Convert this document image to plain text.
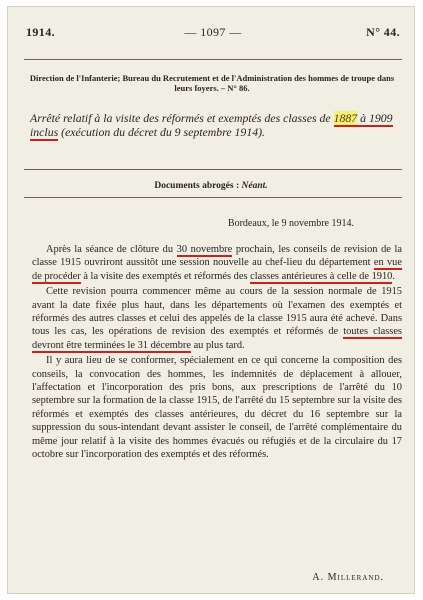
1914.	— 1097 —	N° 44.
Direction de l'Infanterie; Bureau du Recrutement et de l'Administration des hommes de troupe dans leurs foyers. – N° 86.
Arrêté relatif à la visite des réformés et exemptés des classes de 1887 à 1909 inclus (exécution du décret du 9 septembre 1914).
Documents abrogés : Néant.
Bordeaux, le 9 novembre 1914.

Après la séance de clôture du 30 novembre prochain, les conseils de revision de la classe 1915 ouvriront aussitôt une session nouvelle au chef-lieu du département en vue de procéder à la visite des exemptés et réformés des classes antérieures à celle de 1910.

Cette revision pourra commencer même au cours de la session normale de 1915 avant la date fixée plus haut, dans les départements où l'examen des exemptés et réformés des autres classes et celui des appelés de la classe 1915 aura été achevé. Dans tous les cas, les opérations de revision des exemptés et réformés de toutes classes devront être terminées le 31 décembre au plus tard.

Il y aura lieu de se conformer, spécialement en ce qui concerne la composition des conseils, la convocation des hommes, les indemnités de déplacement à allouer, l'affectation et l'incorporation des pris bons, aux prescriptions de l'arrêté du 10 septembre sur la formation de la classe 1915, de l'arrêté du 15 septembre sur la visite des réformés et exemptés des classes antérieures, du décret du 16 septembre sur la suppression du sous-intendant devant assister le conseil, de l'arrêté complémentaire du même jour relatif à la visite des hommes évacués ou réfugiés et de la circulaire du 17 octobre sur l'incorporation des exemptés et des réformés.

A. Millerand.
